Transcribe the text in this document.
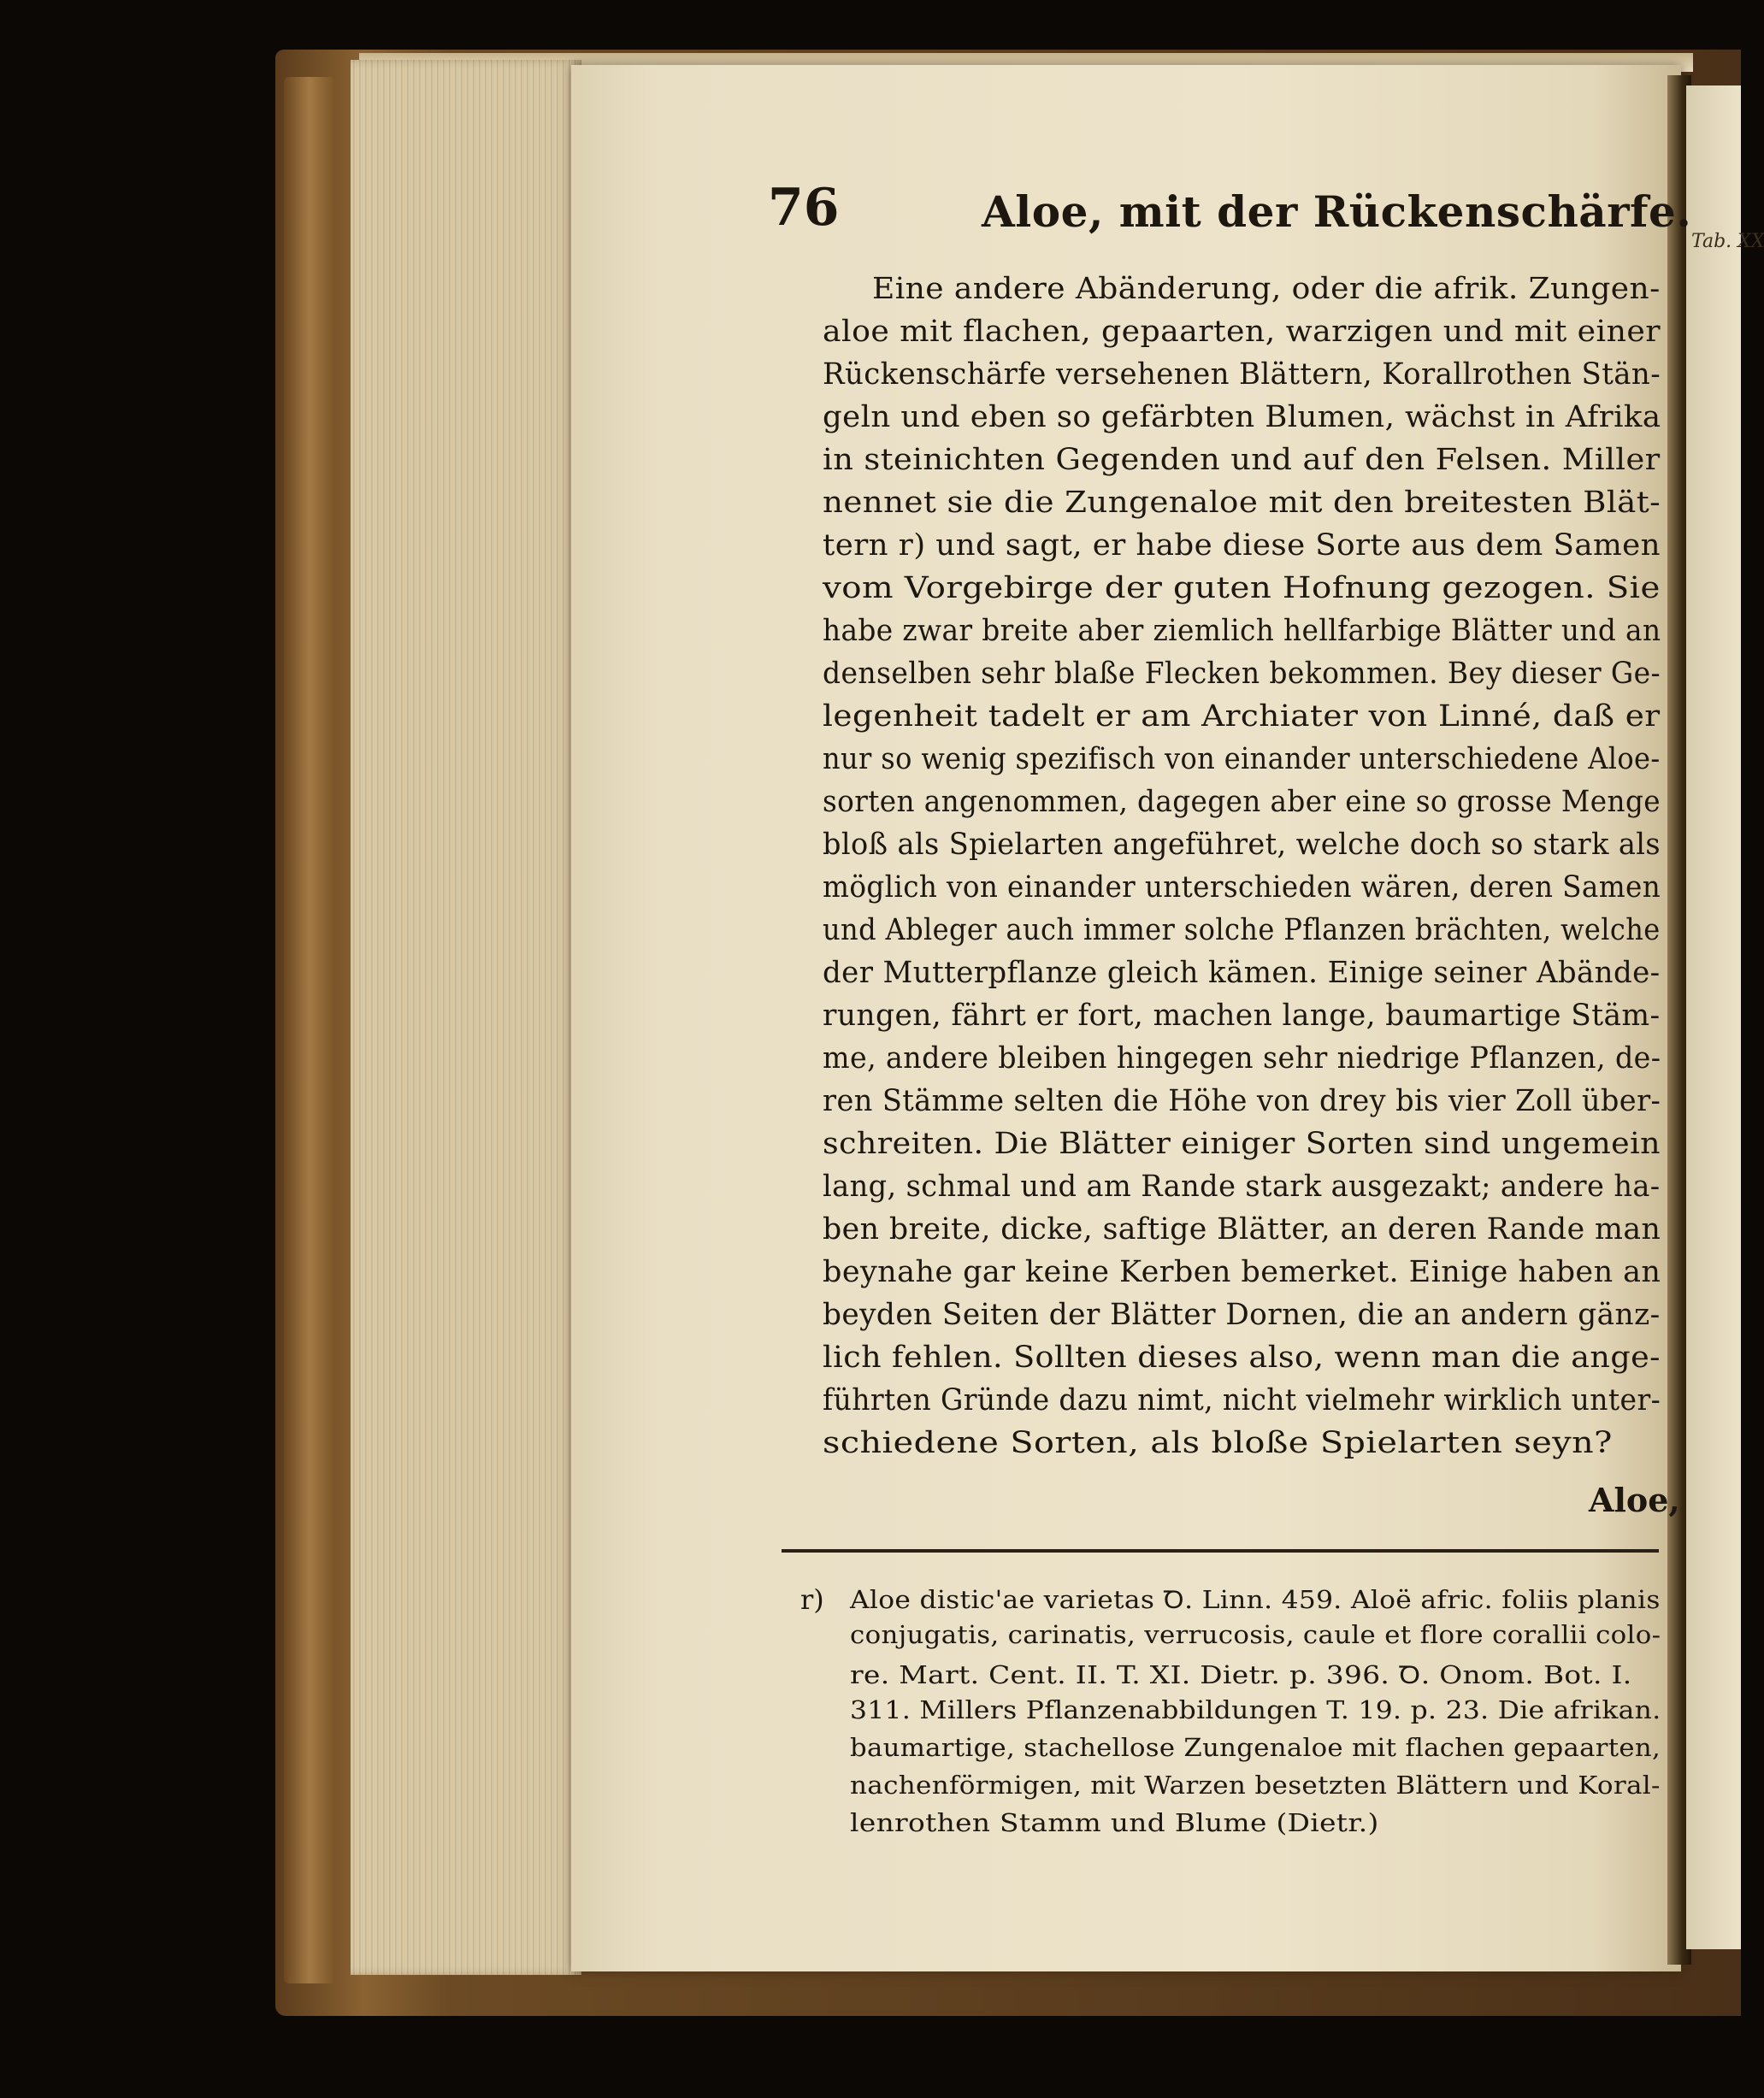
Tab. XX
76	Aloe, mit der Rückenschärfe.
Eine andere Abänderung, oder die afrik. Zungen-
aloe mit flachen, gepaarten, warzigen und mit einer
Rückenschärfe versehenen Blättern, Korallrothen Stän-
geln und eben so gefärbten Blumen, wächst in Afrika
in steinichten Gegenden und auf den Felsen. Miller
nennet sie die Zungenaloe mit den breitesten Blät-
tern r) und sagt, er habe diese Sorte aus dem Samen
vom Vorgebirge der guten Hofnung gezogen. Sie
habe zwar breite aber ziemlich hellfarbige Blätter und an
denselben sehr blaße Flecken bekommen. Bey dieser Ge-
legenheit tadelt er am Archiater von Linné, daß er
nur so wenig spezifisch von einander unterschiedene Aloe-
sorten angenommen, dagegen aber eine so grosse Menge
bloß als Spielarten angeführet, welche doch so stark als
möglich von einander unterschieden wären, deren Samen
und Ableger auch immer solche Pflanzen brächten, welche
der Mutterpflanze gleich kämen. Einige seiner Abände-
rungen, fährt er fort, machen lange, baumartige Stäm-
me, andere bleiben hingegen sehr niedrige Pflanzen, de-
ren Stämme selten die Höhe von drey bis vier Zoll über-
schreiten. Die Blätter einiger Sorten sind ungemein
lang, schmal und am Rande stark ausgezakt; andere ha-
ben breite, dicke, saftige Blätter, an deren Rande man
beynahe gar keine Kerben bemerket. Einige haben an
beyden Seiten der Blätter Dornen, die an andern gänz-
lich fehlen. Sollten dieses also, wenn man die ange-
führten Gründe dazu nimt, nicht vielmehr wirklich unter-
schiedene Sorten, als bloße Spielarten seyn?
Aloe,
r) Aloe distic'ae varietas Ꝺ. Linn. 459. Aloë afric. foliis planis
conjugatis, carinatis, verrucosis, caule et flore corallii colo-
re. Mart. Cent. II. T. XI. Dietr. p. 396. Ꝺ. Onom. Bot. I.
311. Millers Pflanzenabbildungen T. 19. p. 23. Die afrikan.
baumartige, stachellose Zungenaloe mit flachen gepaarten,
nachenförmigen, mit Warzen besetzten Blättern und Koral-
lenrothen Stamm und Blume (Dietr.)
